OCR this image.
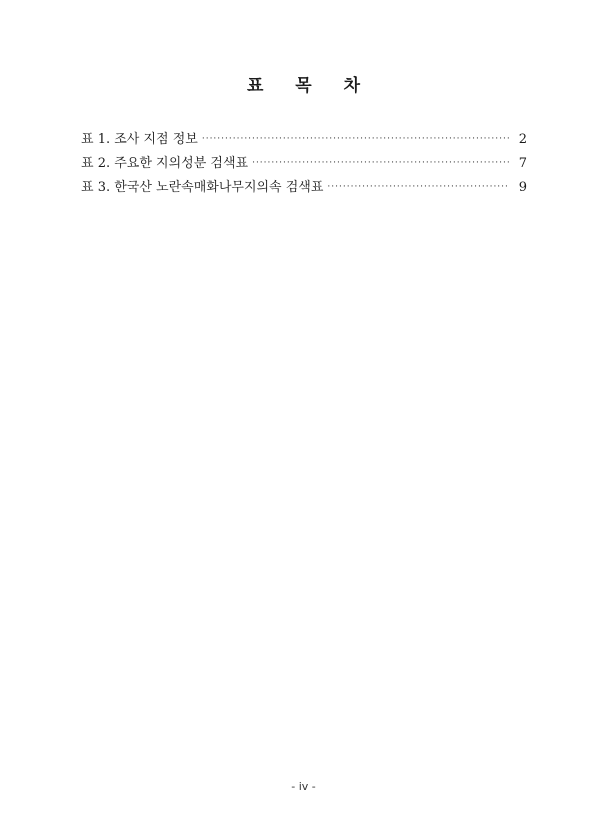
표 목 차
표 1. 조사 지점 정보 ·····	2
표 2. 주요한 지의성분 검색표 ·····	7
표 3. 한국산 노란속매화나무지의속 검색표 ·····	9

- iv -
